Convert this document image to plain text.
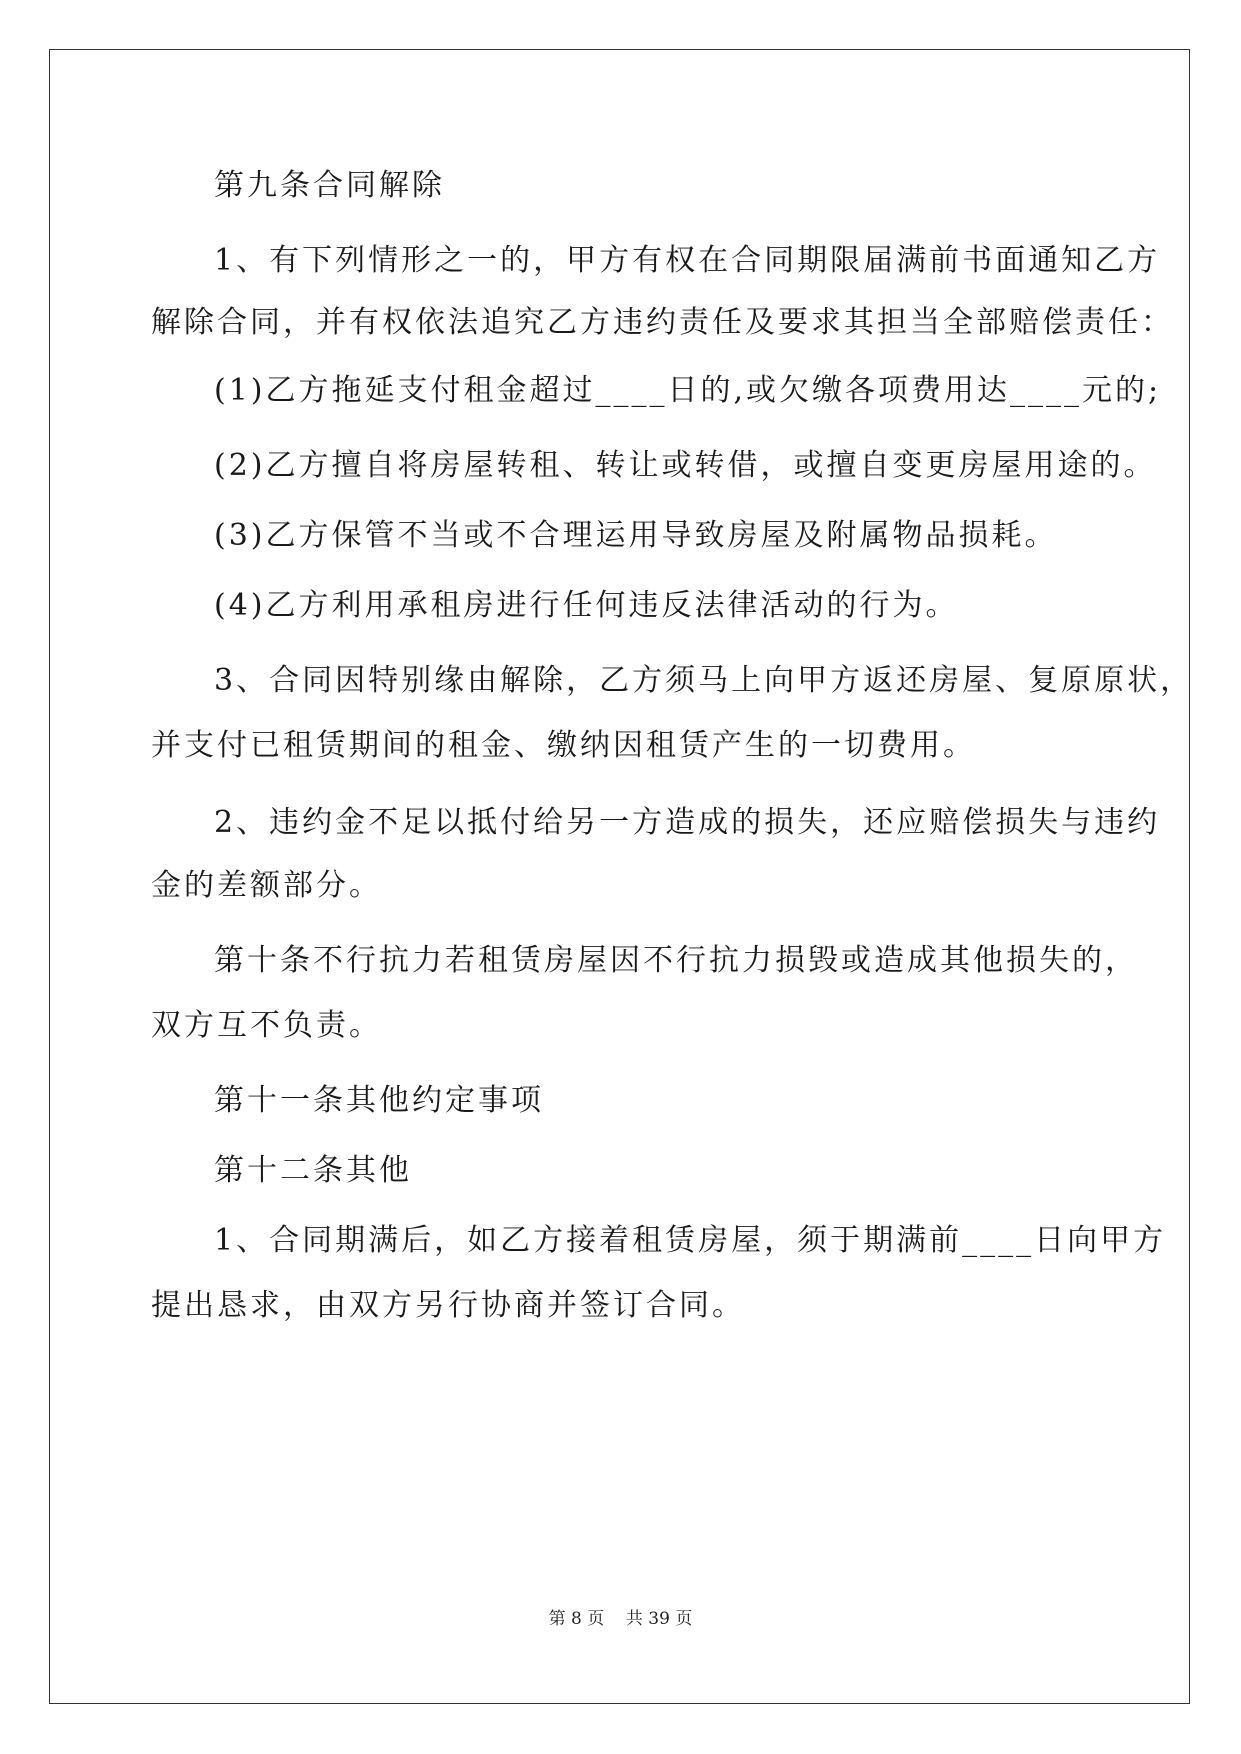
第九条合同解除
1、有下列情形之一的，甲方有权在合同期限届满前书面通知乙方
解除合同，并有权依法追究乙方违约责任及要求其担当全部赔偿责任：
(1)乙方拖延支付租金超过____日的,或欠缴各项费用达____元的;
(2)乙方擅自将房屋转租、转让或转借，或擅自变更房屋用途的。
(3)乙方保管不当或不合理运用导致房屋及附属物品损耗。
(4)乙方利用承租房进行任何违反法律活动的行为。
3、合同因特别缘由解除，乙方须马上向甲方返还房屋、复原原状，
并支付已租赁期间的租金、缴纳因租赁产生的一切费用。
2、违约金不足以抵付给另一方造成的损失，还应赔偿损失与违约
金的差额部分。
第十条不行抗力若租赁房屋因不行抗力损毁或造成其他损失的，
双方互不负责。
第十一条其他约定事项
第十二条其他
1、合同期满后，如乙方接着租赁房屋，须于期满前____日向甲方
提出恳求，由双方另行协商并签订合同。
第 8 页 共 39 页
